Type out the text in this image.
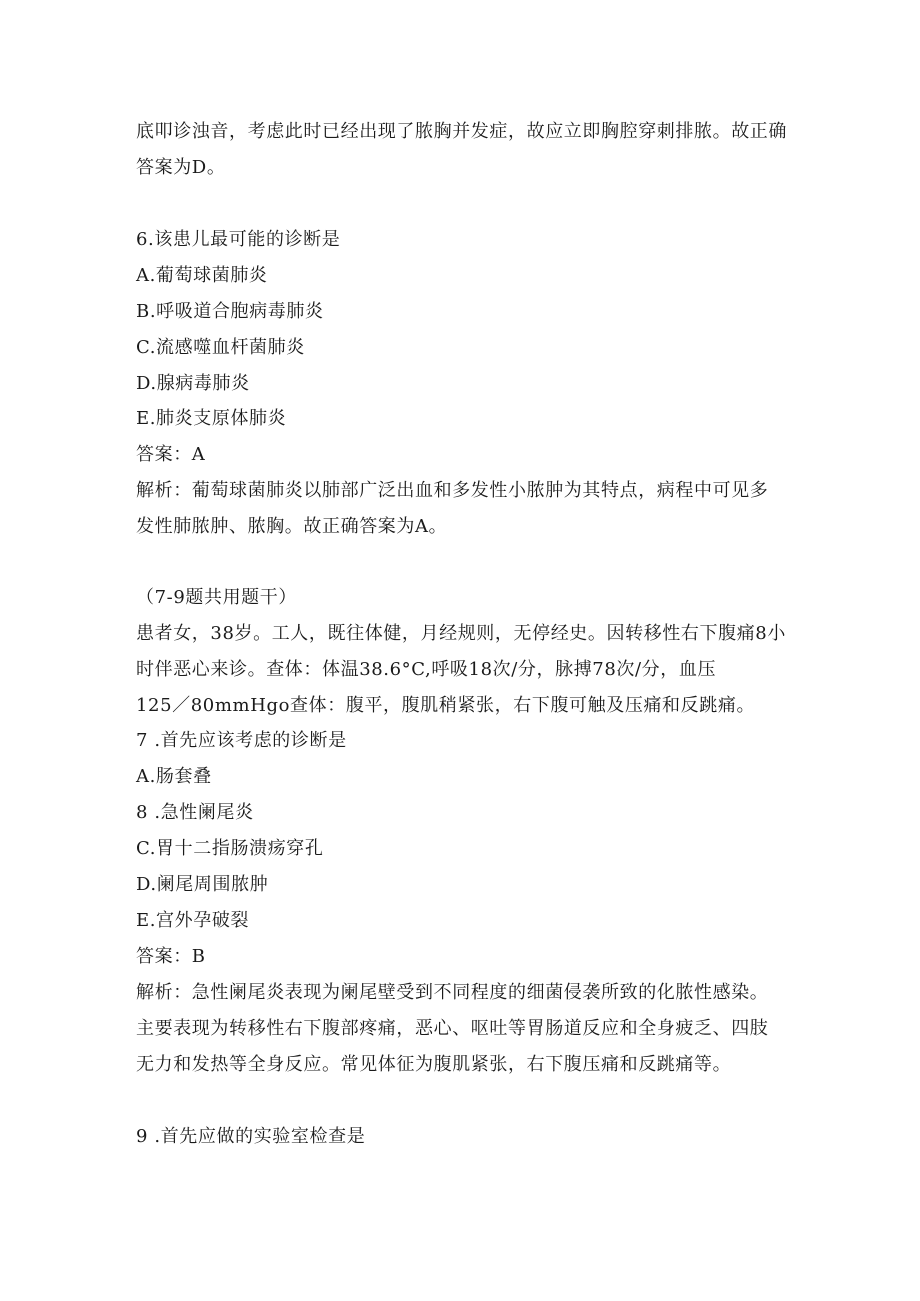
底叩诊浊音，考虑此时已经出现了脓胸并发症，故应立即胸腔穿刺排脓。故正确
答案为D。
6.该患儿最可能的诊断是
A.葡萄球菌肺炎
B.呼吸道合胞病毒肺炎
C.流感噬血杆菌肺炎
D.腺病毒肺炎
E.肺炎支原体肺炎
答案：A
解析：葡萄球菌肺炎以肺部广泛出血和多发性小脓肿为其特点，病程中可见多
发性肺脓肿、脓胸。故正确答案为A。
（7-9题共用题干）
患者女，38岁。工人，既往体健，月经规则，无停经史。因转移性右下腹痛8小
时伴恶心来诊。查体：体温38.6°C,呼吸18次/分，脉搏78次/分，血压
125／80mmHgo查体：腹平，腹肌稍紧张，右下腹可触及压痛和反跳痛。
7 .首先应该考虑的诊断是
A.肠套叠
8 .急性阑尾炎
C.胃十二指肠溃疡穿孔
D.阑尾周围脓肿
E.宫外孕破裂
答案：B
解析：急性阑尾炎表现为阑尾壁受到不同程度的细菌侵袭所致的化脓性感染。
主要表现为转移性右下腹部疼痛，恶心、呕吐等胃肠道反应和全身疲乏、四肢
无力和发热等全身反应。常见体征为腹肌紧张，右下腹压痛和反跳痛等。
9 .首先应做的实验室检查是
